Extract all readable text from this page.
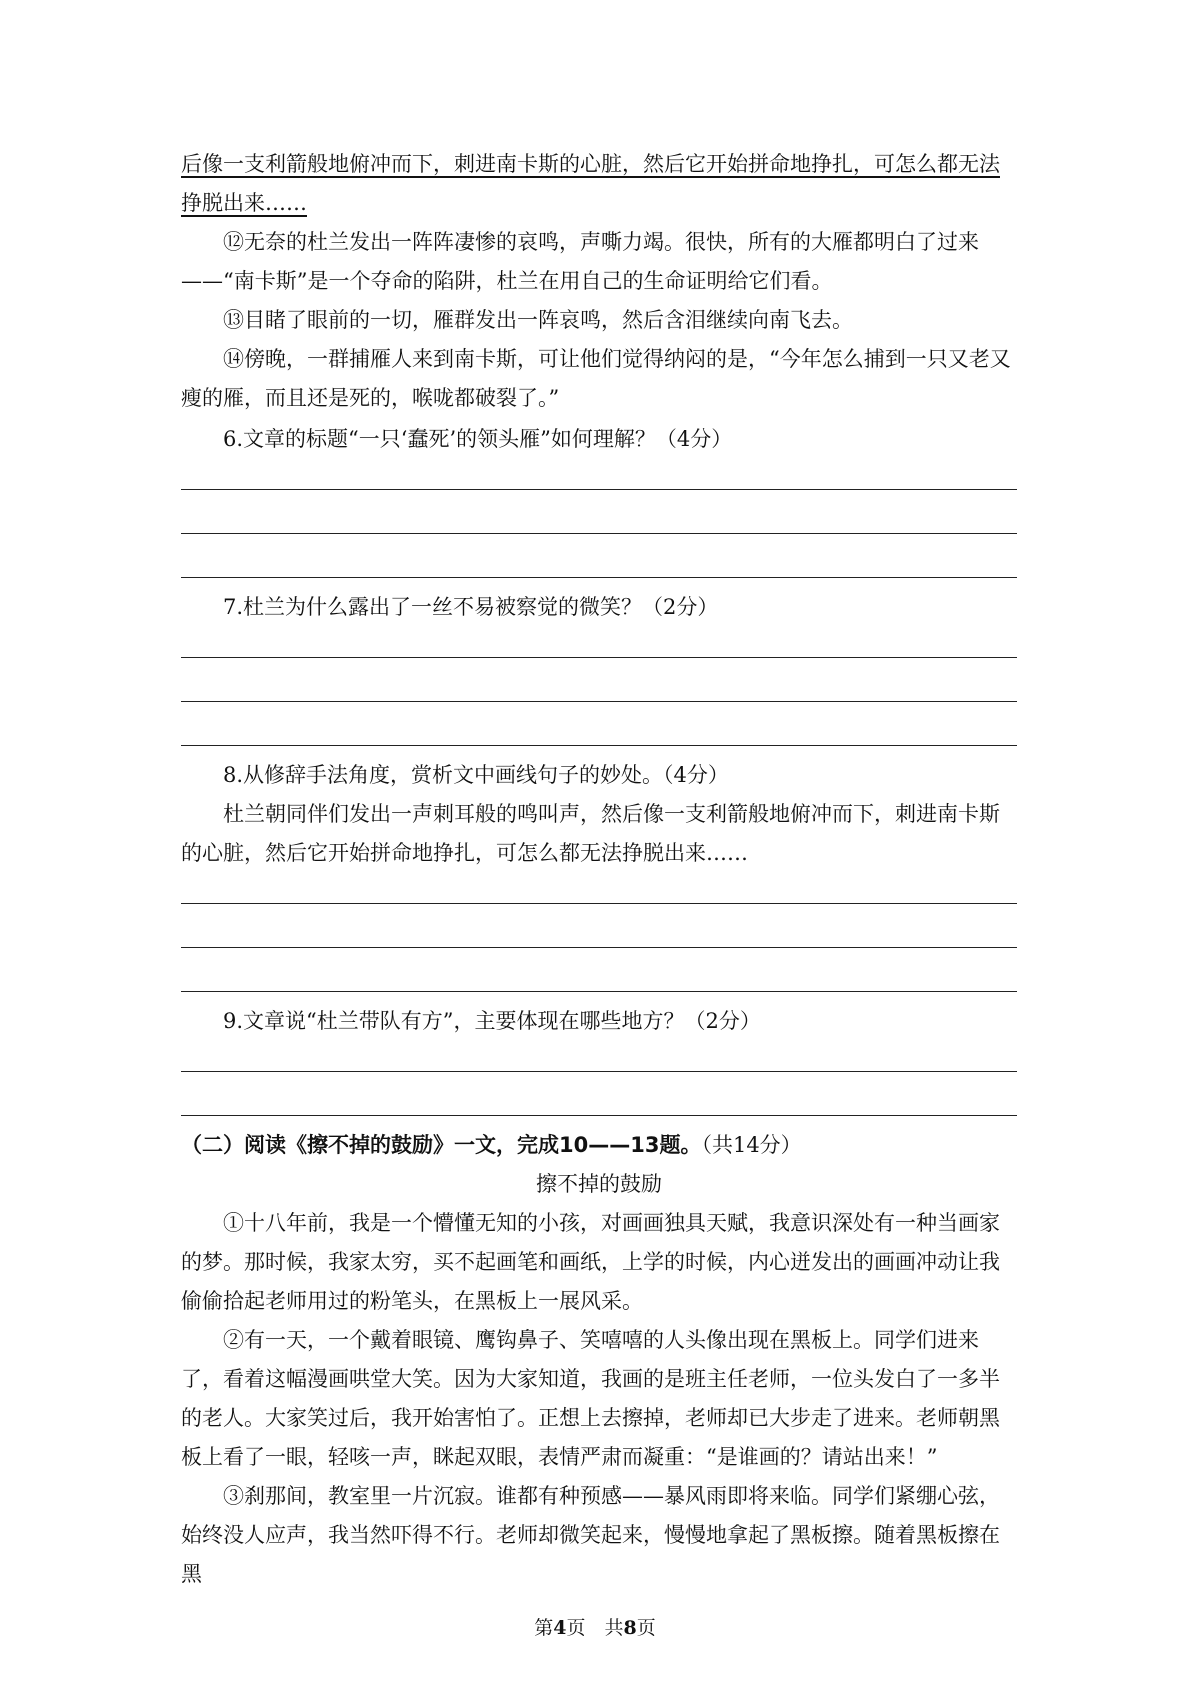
后像一支利箭般地俯冲而下，刺进南卡斯的心脏，然后它开始拼命地挣扎，可怎么都无法挣脱出来……

⑫无奈的杜兰发出一阵阵凄惨的哀鸣，声嘶力竭。很快，所有的大雁都明白了过来——“南卡斯”是一个夺命的陷阱，杜兰在用自己的生命证明给它们看。

⑬目睹了眼前的一切，雁群发出一阵哀鸣，然后含泪继续向南飞去。

⑭傍晚，一群捕雁人来到南卡斯，可让他们觉得纳闷的是，“今年怎么捕到一只又老又瘦的雁，而且还是死的，喉咙都破裂了。”

6.文章的标题“一只‘蠢死’的领头雁”如何理解？（4分）

7.杜兰为什么露出了一丝不易被察觉的微笑？（2分）

8.从修辞手法角度，赏析文中画线句子的妙处。（4分）

杜兰朝同伴们发出一声刺耳般的鸣叫声，然后像一支利箭般地俯冲而下，刺进南卡斯的心脏，然后它开始拼命地挣扎，可怎么都无法挣脱出来……

9.文章说“杜兰带队有方”，主要体现在哪些地方？（2分）

（二）阅读《擦不掉的鼓励》一文，完成10——13题。（共14分）

擦不掉的鼓励

①十八年前，我是一个懵懂无知的小孩，对画画独具天赋，我意识深处有一种当画家的梦。那时候，我家太穷，买不起画笔和画纸，上学的时候，内心迸发出的画画冲动让我偷偷拾起老师用过的粉笔头，在黑板上一展风采。

②有一天，一个戴着眼镜、鹰钩鼻子、笑嘻嘻的人头像出现在黑板上。同学们进来了，看着这幅漫画哄堂大笑。因为大家知道，我画的是班主任老师，一位头发白了一多半的老人。大家笑过后，我开始害怕了。正想上去擦掉，老师却已大步走了进来。老师朝黑板上看了一眼，轻咳一声，眯起双眼，表情严肃而凝重：“是谁画的？请站出来！”

③刹那间，教室里一片沉寂。谁都有种预感——暴风雨即将来临。同学们紧绷心弦，始终没人应声，我当然吓得不行。老师却微笑起来，慢慢地拿起了黑板擦。随着黑板擦在黑

第4页　共8页
